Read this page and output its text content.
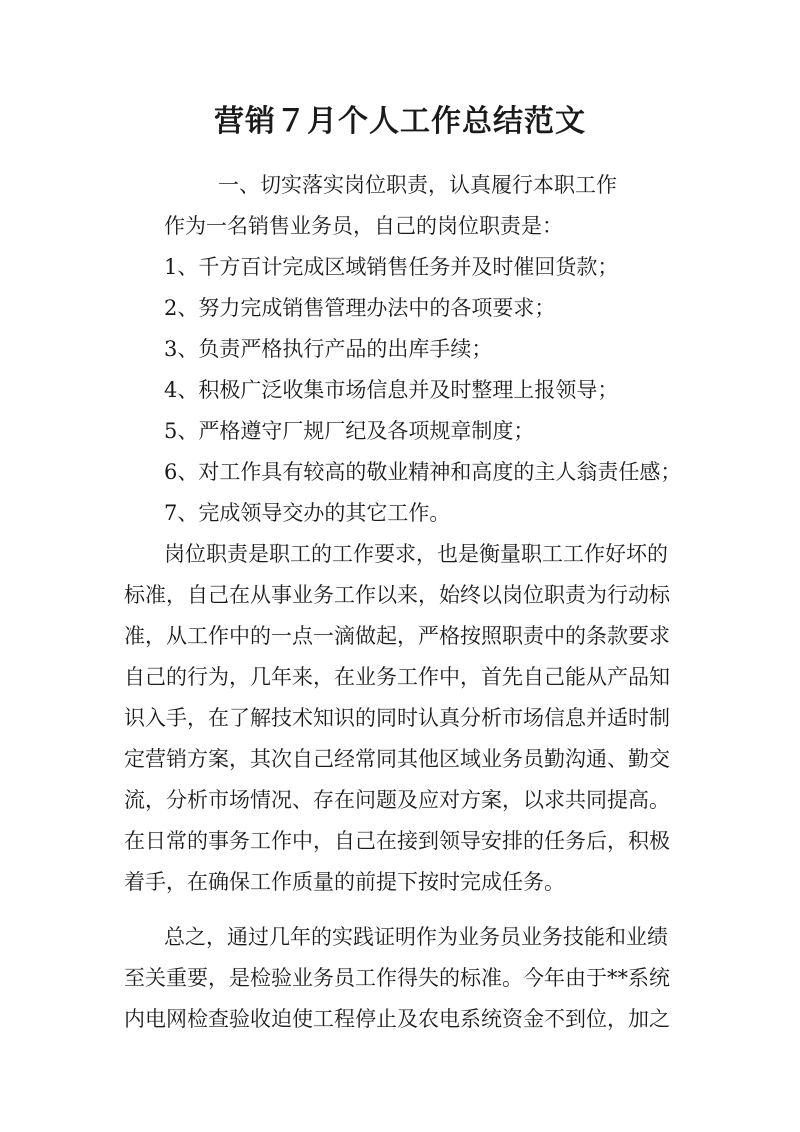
营销７月个人工作总结范文
一、切实落实岗位职责，认真履行本职工作
作为一名销售业务员，自己的岗位职责是：
1、千方百计完成区域销售任务并及时催回货款；
2、努力完成销售管理办法中的各项要求；
3、负责严格执行产品的出库手续；
4、积极广泛收集市场信息并及时整理上报领导；
5、严格遵守厂规厂纪及各项规章制度；
6、对工作具有较高的敬业精神和高度的主人翁责任感；
7、完成领导交办的其它工作。
岗位职责是职工的工作要求，也是衡量职工工作好坏的
标准，自己在从事业务工作以来，始终以岗位职责为行动标
准，从工作中的一点一滴做起，严格按照职责中的条款要求
自己的行为，几年来，在业务工作中，首先自己能从产品知
识入手，在了解技术知识的同时认真分析市场信息并适时制
定营销方案，其次自己经常同其他区域业务员勤沟通、勤交
流，分析市场情况、存在问题及应对方案，以求共同提高。
在日常的事务工作中，自己在接到领导安排的任务后，积极
着手，在确保工作质量的前提下按时完成任务。
总之，通过几年的实践证明作为业务员业务技能和业绩
至关重要，是检验业务员工作得失的标准。今年由于**系统
内电网检查验收迫使工程停止及农电系统资金不到位，加之
